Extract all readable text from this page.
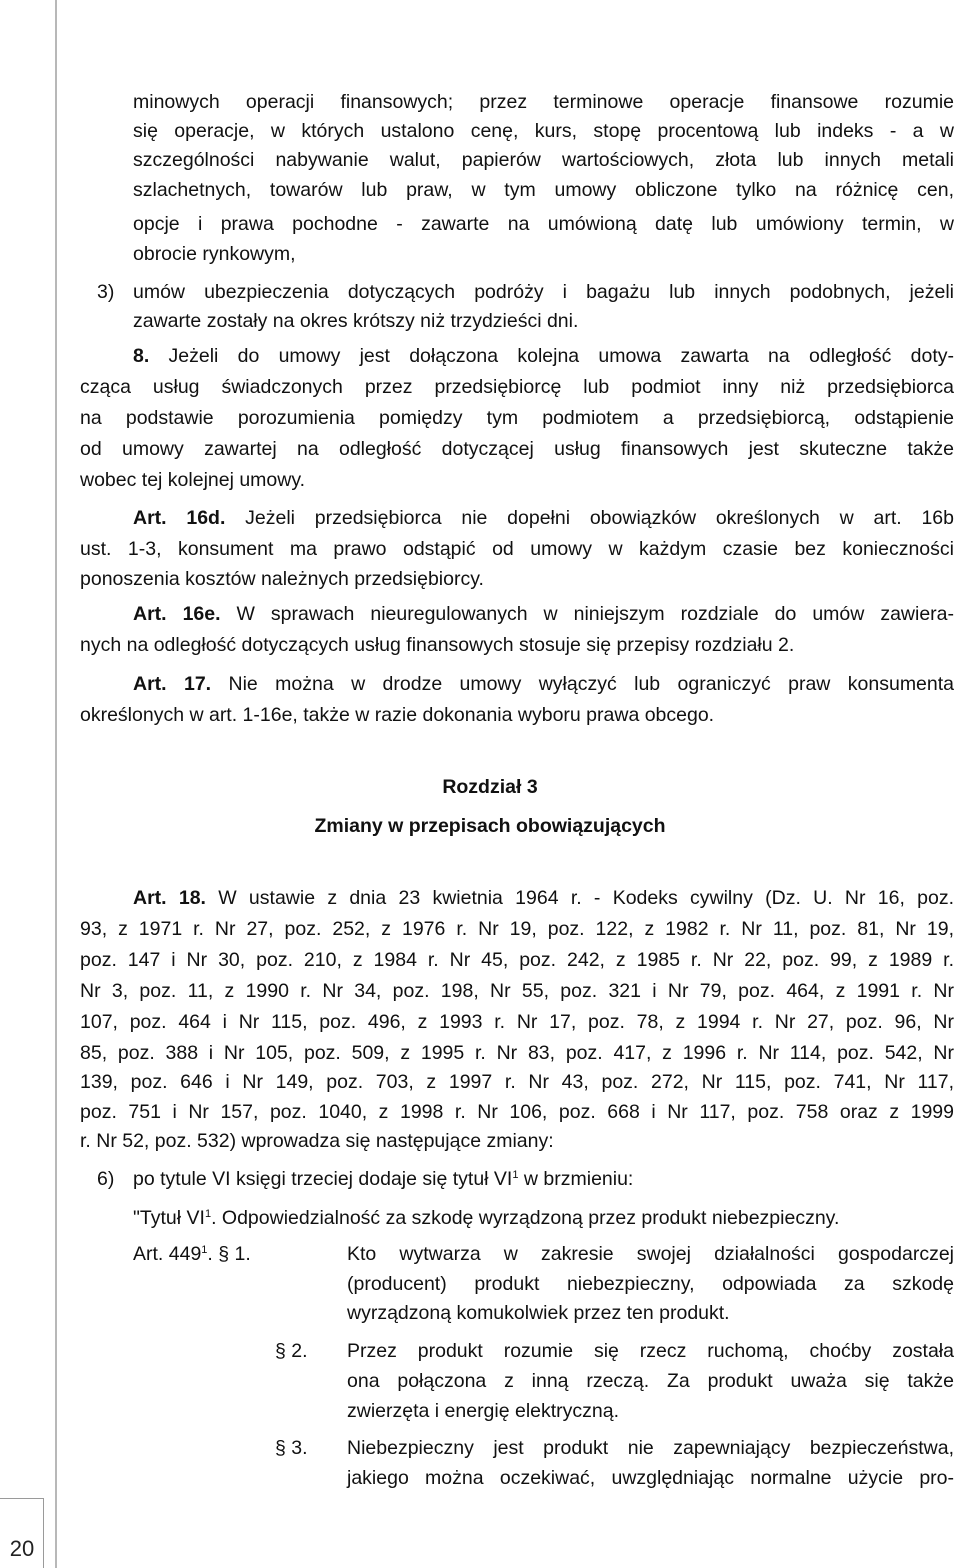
20
minowych operacji finansowych; przez terminowe operacje finansowe rozumie
się operacje, w których ustalono cenę, kurs, stopę procentową lub indeks - a w
szczególności nabywanie walut, papierów wartościowych, złota lub innych metali
szlachetnych, towarów lub praw, w tym umowy obliczone tylko na różnicę cen,
opcje i prawa pochodne - zawarte na umówioną datę lub umówiony termin, w
obrocie rynkowym,
3) umów ubezpieczenia dotyczących podróży i bagażu lub innych podobnych, jeżeli
zawarte zostały na okres krótszy niż trzydzieści dni.
8. Jeżeli do umowy jest dołączona kolejna umowa zawarta na odległość doty-
cząca usług świadczonych przez przedsiębiorcę lub podmiot inny niż przedsiębiorca
na podstawie porozumienia pomiędzy tym podmiotem a przedsiębiorcą, odstąpienie
od umowy zawartej na odległość dotyczącej usług finansowych jest skuteczne także
wobec tej kolejnej umowy.
Art. 16d. Jeżeli przedsiębiorca nie dopełni obowiązków określonych w art. 16b
ust. 1-3, konsument ma prawo odstąpić od umowy w każdym czasie bez konieczności
ponoszenia kosztów należnych przedsiębiorcy.
Art. 16e. W sprawach nieuregulowanych w niniejszym rozdziale do umów zawiera-
nych na odległość dotyczących usług finansowych stosuje się przepisy rozdziału 2.
Art. 17. Nie można w drodze umowy wyłączyć lub ograniczyć praw konsumenta
określonych w art. 1-16e, także w razie dokonania wyboru prawa obcego.
Rozdział 3
Zmiany w przepisach obowiązujących
Art. 18. W ustawie z dnia 23 kwietnia 1964 r. - Kodeks cywilny (Dz. U. Nr 16, poz.
93, z 1971 r. Nr 27, poz. 252, z 1976 r. Nr 19, poz. 122, z 1982 r. Nr 11, poz. 81, Nr 19,
poz. 147 i Nr 30, poz. 210, z 1984 r. Nr 45, poz. 242, z 1985 r. Nr 22, poz. 99, z 1989 r.
Nr 3, poz. 11, z 1990 r. Nr 34, poz. 198, Nr 55, poz. 321 i Nr 79, poz. 464, z 1991 r. Nr
107, poz. 464 i Nr 115, poz. 496, z 1993 r. Nr 17, poz. 78, z 1994 r. Nr 27, poz. 96, Nr
85, poz. 388 i Nr 105, poz. 509, z 1995 r. Nr 83, poz. 417, z 1996 r. Nr 114, poz. 542, Nr
139, poz. 646 i Nr 149, poz. 703, z 1997 r. Nr 43, poz. 272, Nr 115, poz. 741, Nr 117,
poz. 751 i Nr 157, poz. 1040, z 1998 r. Nr 106, poz. 668 i Nr 117, poz. 758 oraz z 1999
r. Nr 52, poz. 532) wprowadza się następujące zmiany:
6) po tytule VI księgi trzeciej dodaje się tytuł $VI^1$ w brzmieniu:
"Tytuł $VI^1$. Odpowiedzialność za szkodę wyrządzoną przez produkt niebezpieczny.
Art. $449^1$. § 1.	Kto wytwarza w zakresie swojej działalności gospodarczej
(producent) produkt niebezpieczny, odpowiada za szkodę
wyrządzoną komukolwiek przez ten produkt.
§ 2. Przez produkt rozumie się rzecz ruchomą, choćby została
ona połączona z inną rzeczą. Za produkt uważa się także
zwierzęta i energię elektryczną.
§ 3. Niebezpieczny jest produkt nie zapewniający bezpieczeństwa,
jakiego można oczekiwać, uwzględniając normalne użycie pro-
